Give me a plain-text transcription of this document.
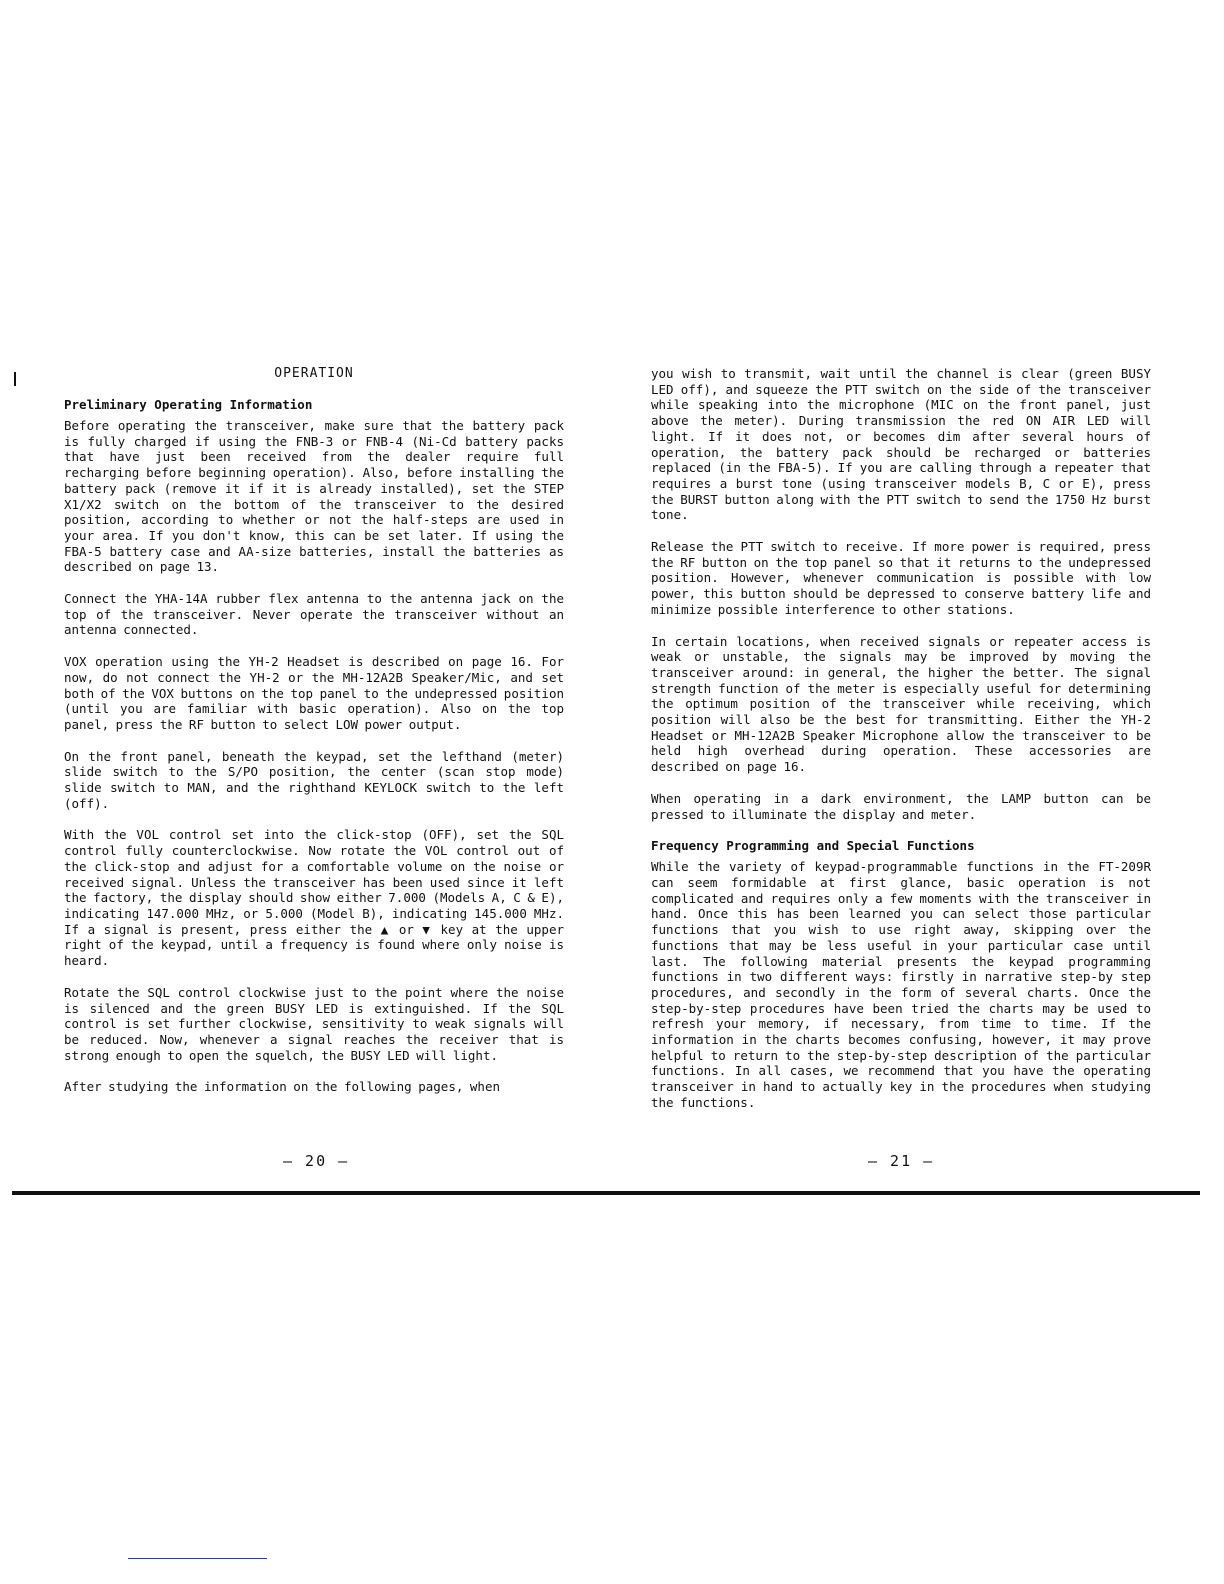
OPERATION
Preliminary Operating Information

Before operating the transceiver, make sure that the battery pack is fully charged if using the FNB-3 or FNB-4 (Ni-Cd battery packs that have just been received from the dealer require full recharging before beginning operation). Also, before installing the battery pack (remove it if it is already installed), set the STEP X1/X2 switch on the bottom of the transceiver to the desired position, according to whether or not the half-steps are used in your area. If you don't know, this can be set later. If using the FBA-5 battery case and AA-size batteries, install the batteries as described on page 13.

Connect the YHA-14A rubber flex antenna to the antenna jack on the top of the transceiver. Never operate the transceiver without an antenna connected.

VOX operation using the YH-2 Headset is described on page 16. For now, do not connect the YH-2 or the MH-12A2B Speaker/Mic, and set both of the VOX buttons on the top panel to the undepressed position (until you are familiar with basic operation). Also on the top panel, press the RF button to select LOW power output.

On the front panel, beneath the keypad, set the lefthand (meter) slide switch to the S/PO position, the center (scan stop mode) slide switch to MAN, and the righthand KEYLOCK switch to the left (off).

With the VOL control set into the click-stop (OFF), set the SQL control fully counterclockwise. Now rotate the VOL control out of the click-stop and adjust for a comfortable volume on the noise or received signal. Unless the transceiver has been used since it left the factory, the display should show either 7.000 (Models A, C & E), indicating 147.000 MHz, or 5.000 (Model B), indicating 145.000 MHz. If a signal is present, press either the ▲ or ▼ key at the upper right of the keypad, until a frequency is found where only noise is heard.

Rotate the SQL control clockwise just to the point where the noise is silenced and the green BUSY LED is extinguished. If the SQL control is set further clockwise, sensitivity to weak signals will be reduced. Now, whenever a signal reaches the receiver that is strong enough to open the squelch, the BUSY LED will light.

After studying the information on the following pages, when

— 20 —

you wish to transmit, wait until the channel is clear (green BUSY LED off), and squeeze the PTT switch on the side of the transceiver while speaking into the microphone (MIC on the front panel, just above the meter). During transmission the red ON AIR LED will light. If it does not, or becomes dim after several hours of operation, the battery pack should be recharged or batteries replaced (in the FBA-5). If you are calling through a repeater that requires a burst tone (using transceiver models B, C or E), press the BURST button along with the PTT switch to send the 1750 Hz burst tone.

Release the PTT switch to receive. If more power is required, press the RF button on the top panel so that it returns to the undepressed position. However, whenever communication is possible with low power, this button should be depressed to conserve battery life and minimize possible interference to other stations.

In certain locations, when received signals or repeater access is weak or unstable, the signals may be improved by moving the transceiver around: in general, the higher the better. The signal strength function of the meter is especially useful for determining the optimum position of the transceiver while receiving, which position will also be the best for transmitting. Either the YH-2 Headset or MH-12A2B Speaker Microphone allow the transceiver to be held high overhead during operation. These accessories are described on page 16.

When operating in a dark environment, the LAMP button can be pressed to illuminate the display and meter.

Frequency Programming and Special Functions

While the variety of keypad-programmable functions in the FT-209R can seem formidable at first glance, basic operation is not complicated and requires only a few moments with the transceiver in hand. Once this has been learned you can select those particular functions that you wish to use right away, skipping over the functions that may be less useful in your particular case until last. The following material presents the keypad programming functions in two different ways: firstly in narrative step-by step procedures, and secondly in the form of several charts. Once the step-by-step procedures have been tried the charts may be used to refresh your memory, if necessary, from time to time. If the information in the charts becomes confusing, however, it may prove helpful to return to the step-by-step description of the particular functions. In all cases, we recommend that you have the operating transceiver in hand to actually key in the procedures when studying the functions.

— 21 —
